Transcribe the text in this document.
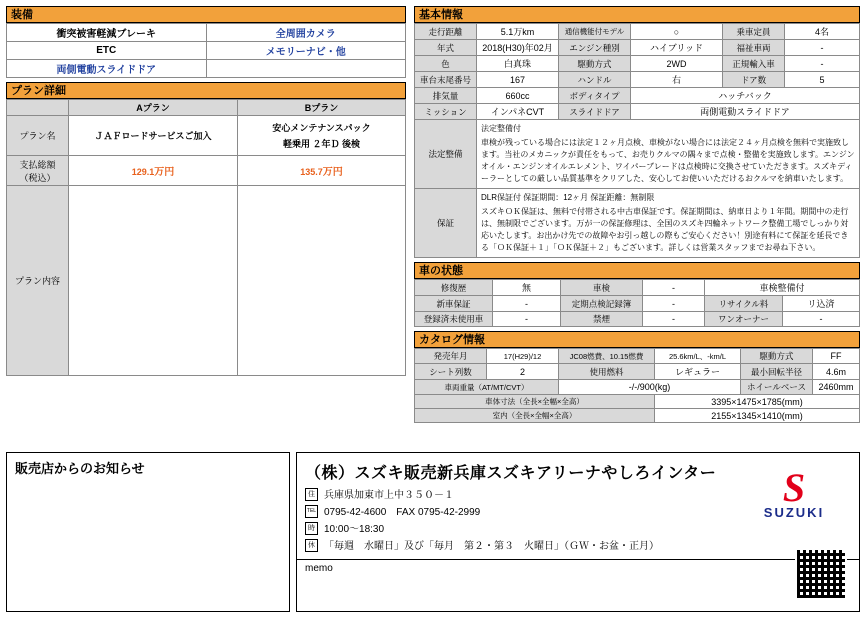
装備
衝突被害軽減ブレーキ	全周囲カメラ
ETC	メモリーナビ・他
両側電動スライドドア	
プラン詳細
	Aプラン	Bプラン
プラン名	ＪＡＦロードサービスご加入	安心メンテナンスパック
軽乗用 ２年Ｄ 後検

支払総額
（税込）	129.1万円	135.7万円
プラン内容		
基本情報
走行距離	5.1万km	通信機能付モデル	○	乗車定員	4名
年式	2018(H30)年02月	エンジン種別	ハイブリッド	福祉車両	-
色	白真珠	駆動方式	2WD	正規輸入車	-
車台末尾番号	167	ハンドル	右	ドア数	5
排気量	660cc	ボディタイプ	ハッチバック		
ミッション	インパネCVT	スライドドア	両側電動スライドドア		
法定整備	法定整備付
車検が残っている場合には法定１２ヶ月点検、車検がない場合には法定２４ヶ月点検を無料で実施致します。当社のメカニックが責任をもって、お売りクルマの隅々まで点検・整備を実施致します。エンジンオイル・エンジンオイルエレメント、ワイパーブレードは点検時に交換させていただきます。スズキディーラーとしての厳しい品質基準をクリアした、安心してお使いいただけるおクルマを納車いたします。				

保証	DLR保証付 保証期間：12ヶ月 保証距離：無制限
スズキＯＫ保証は、無料で付帯される中古車保証です。保証期間は、納車日より１年間。期間中の走行は、無制限でございます。万が一の保証修理は、全国のスズキ四輪ネットワーク整備工場でしっかり対応いたします。お出かけ先での故障やお引っ越しの際もご安心ください！別途有料にて保証を延長できる「ＯＫ保証＋１」「ＯＫ保証＋２」もございます。詳しくは営業スタッフまでお尋ね下さい。				
車の状態
修復歴	無	車検	-	車検整備付	
新車保証	-	定期点検記録簿	-	リサイクル料	リ込済
登録済未使用車	-	禁煙	-	ワンオーナー	-
カタログ情報
発売年月	17(H29)/12	JC08燃費、10.15燃費	25.6km/L、-km/L	駆動方式	FF
シート列数	2	使用燃料	レギュラー	最小回転半径	4.6m
車両重量（AT/MT/CVT）		-/-/900(kg)		ホイールベース	2460mm
車体寸法（全長×全幅×全高）			3395×1475×1785(mm)		
室内（全長×全幅×全高）			2155×1345×1410(mm)		
販売店からのお知らせ	（株）スズキ販売新兵庫スズキアリーナやしろインター
住 兵庫県加東市上中３５０－１
TEL 0795-42-4600　FAX 0795-42-2999
時 10:00～18:30
休 「毎週　水曜日」及び「毎月　第２・第３　火曜日」（ＧＷ・お盆・正月）
memo
S
SUZUKI
